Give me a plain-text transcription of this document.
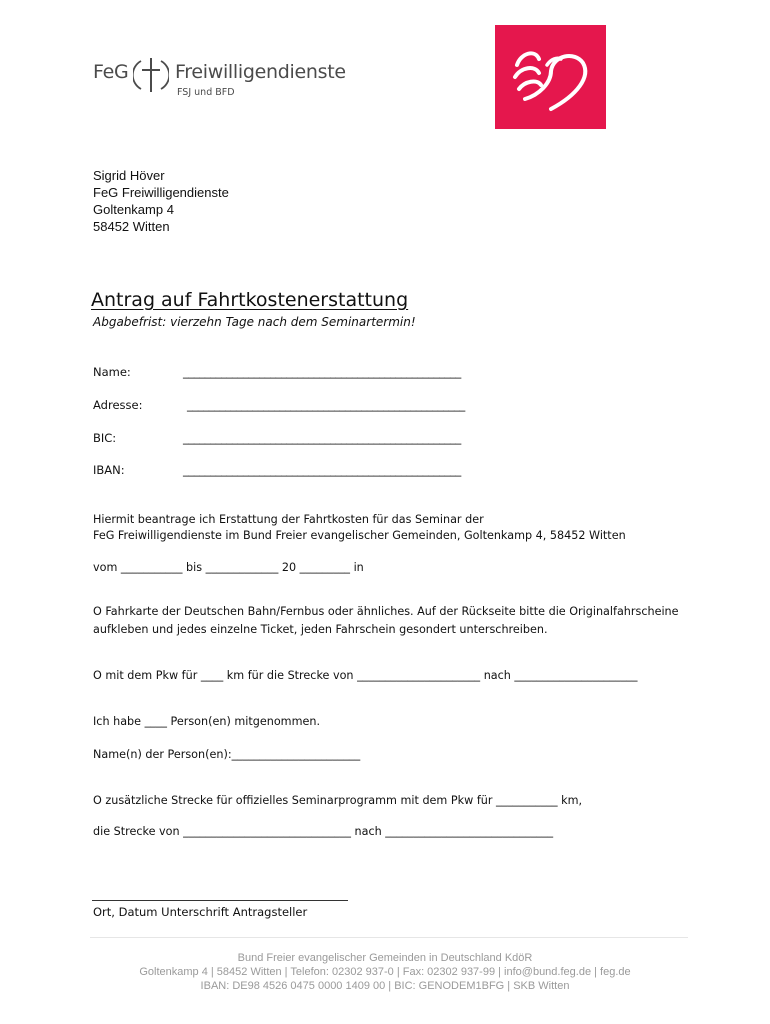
FeG Freiwilligendienste
FSJ und BFD
Sigrid Höver
FeG Freiwilligendienste
Goltenkamp 4
58452 Witten
Antrag auf Fahrtkostenerstattung
Abgabefrist: vierzehn Tage nach dem Seminartermin!
Name:	___________________________________________________
Adresse:	___________________________________________________
BIC:	___________________________________________________
IBAN:	___________________________________________________
Hiermit beantrage ich Erstattung der Fahrtkosten für das Seminar der
FeG Freiwilligendienste im Bund Freier evangelischer Gemeinden, Goltenkamp 4, 58452 Witten
vom ___________ bis _____________ 20 _________ in
O Fahrkarte der Deutschen Bahn/Fernbus oder ähnliches. Auf der Rückseite bitte die Originalfahrscheine
aufkleben und jedes einzelne Ticket, jeden Fahrschein gesondert unterschreiben.
O mit dem Pkw für ____ km für die Strecke von ______________________ nach ______________________
Ich habe ____ Person(en) mitgenommen.
Name(n) der Person(en):_______________________
O zusätzliche Strecke für offizielles Seminarprogramm mit dem Pkw für ___________ km,
die Strecke von ______________________________ nach ______________________________
Ort, Datum Unterschrift Antragsteller
Bund Freier evangelischer Gemeinden in Deutschland KdöR
Goltenkamp 4 | 58452 Witten | Telefon: 02302 937-0 | Fax: 02302 937-99 | info@bund.feg.de | feg.de
IBAN: DE98 4526 0475 0000 1409 00 | BIC: GENODEM1BFG | SKB Witten
